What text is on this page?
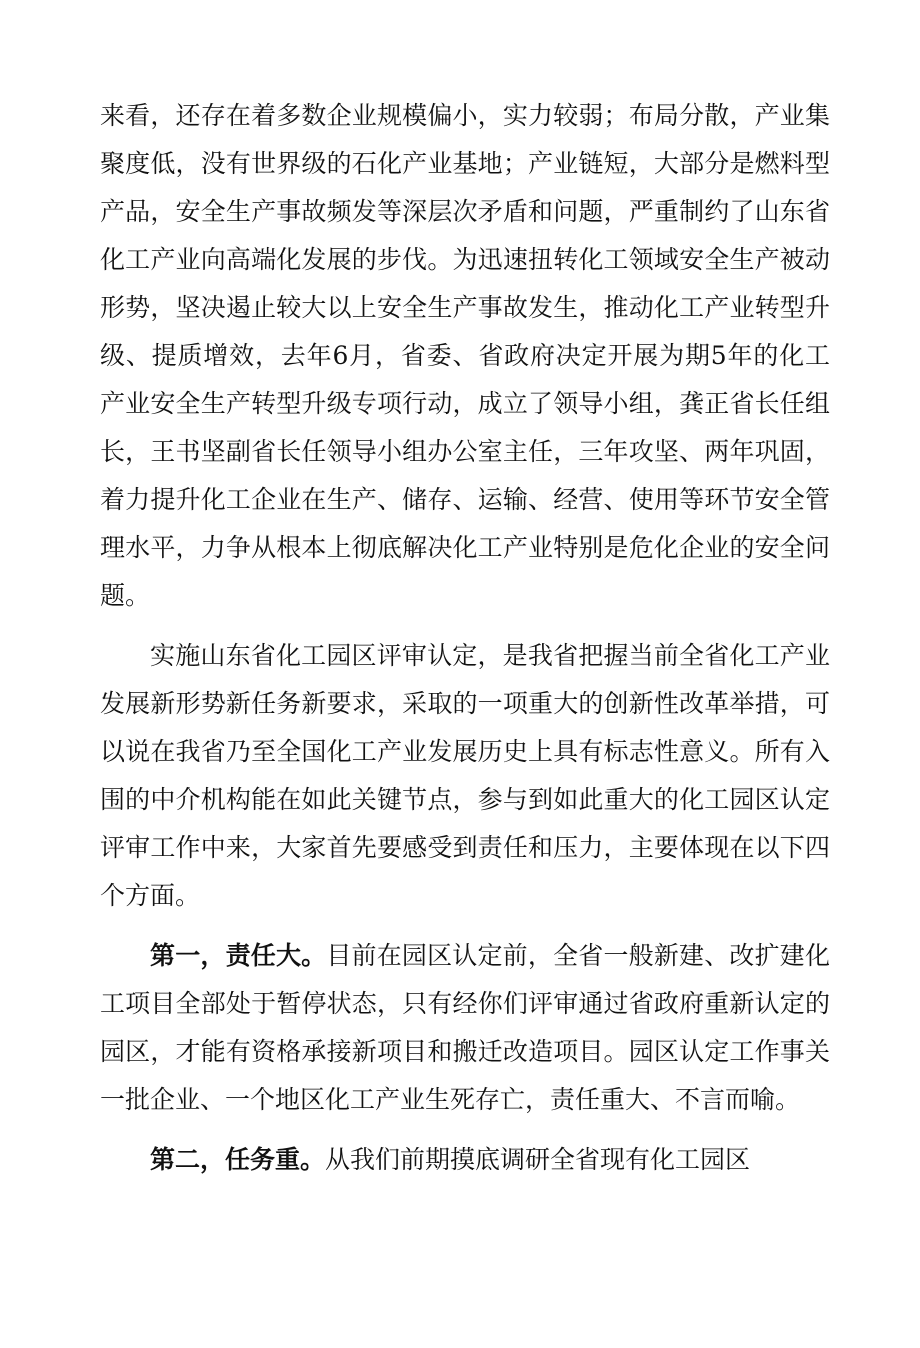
来看，还存在着多数企业规模偏小，实力较弱；布局分散，产业集聚度低，没有世界级的石化产业基地；产业链短，大部分是燃料型产品，安全生产事故频发等深层次矛盾和问题，严重制约了山东省化工产业向高端化发展的步伐。为迅速扭转化工领域安全生产被动形势，坚决遏止较大以上安全生产事故发生，推动化工产业转型升级、提质增效，去年6月，省委、省政府决定开展为期5年的化工产业安全生产转型升级专项行动，成立了领导小组，龚正省长任组长，王书坚副省长任领导小组办公室主任，三年攻坚、两年巩固，着力提升化工企业在生产、储存、运输、经营、使用等环节安全管理水平，力争从根本上彻底解决化工产业特别是危化企业的安全问题。

实施山东省化工园区评审认定，是我省把握当前全省化工产业发展新形势新任务新要求，采取的一项重大的创新性改革举措，可以说在我省乃至全国化工产业发展历史上具有标志性意义。所有入围的中介机构能在如此关键节点，参与到如此重大的化工园区认定评审工作中来，大家首先要感受到责任和压力，主要体现在以下四个方面。

第一，责任大。目前在园区认定前，全省一般新建、改扩建化工项目全部处于暂停状态，只有经你们评审通过省政府重新认定的园区，才能有资格承接新项目和搬迁改造项目。园区认定工作事关一批企业、一个地区化工产业生死存亡，责任重大、不言而喻。

第二，任务重。从我们前期摸底调研全省现有化工园区
